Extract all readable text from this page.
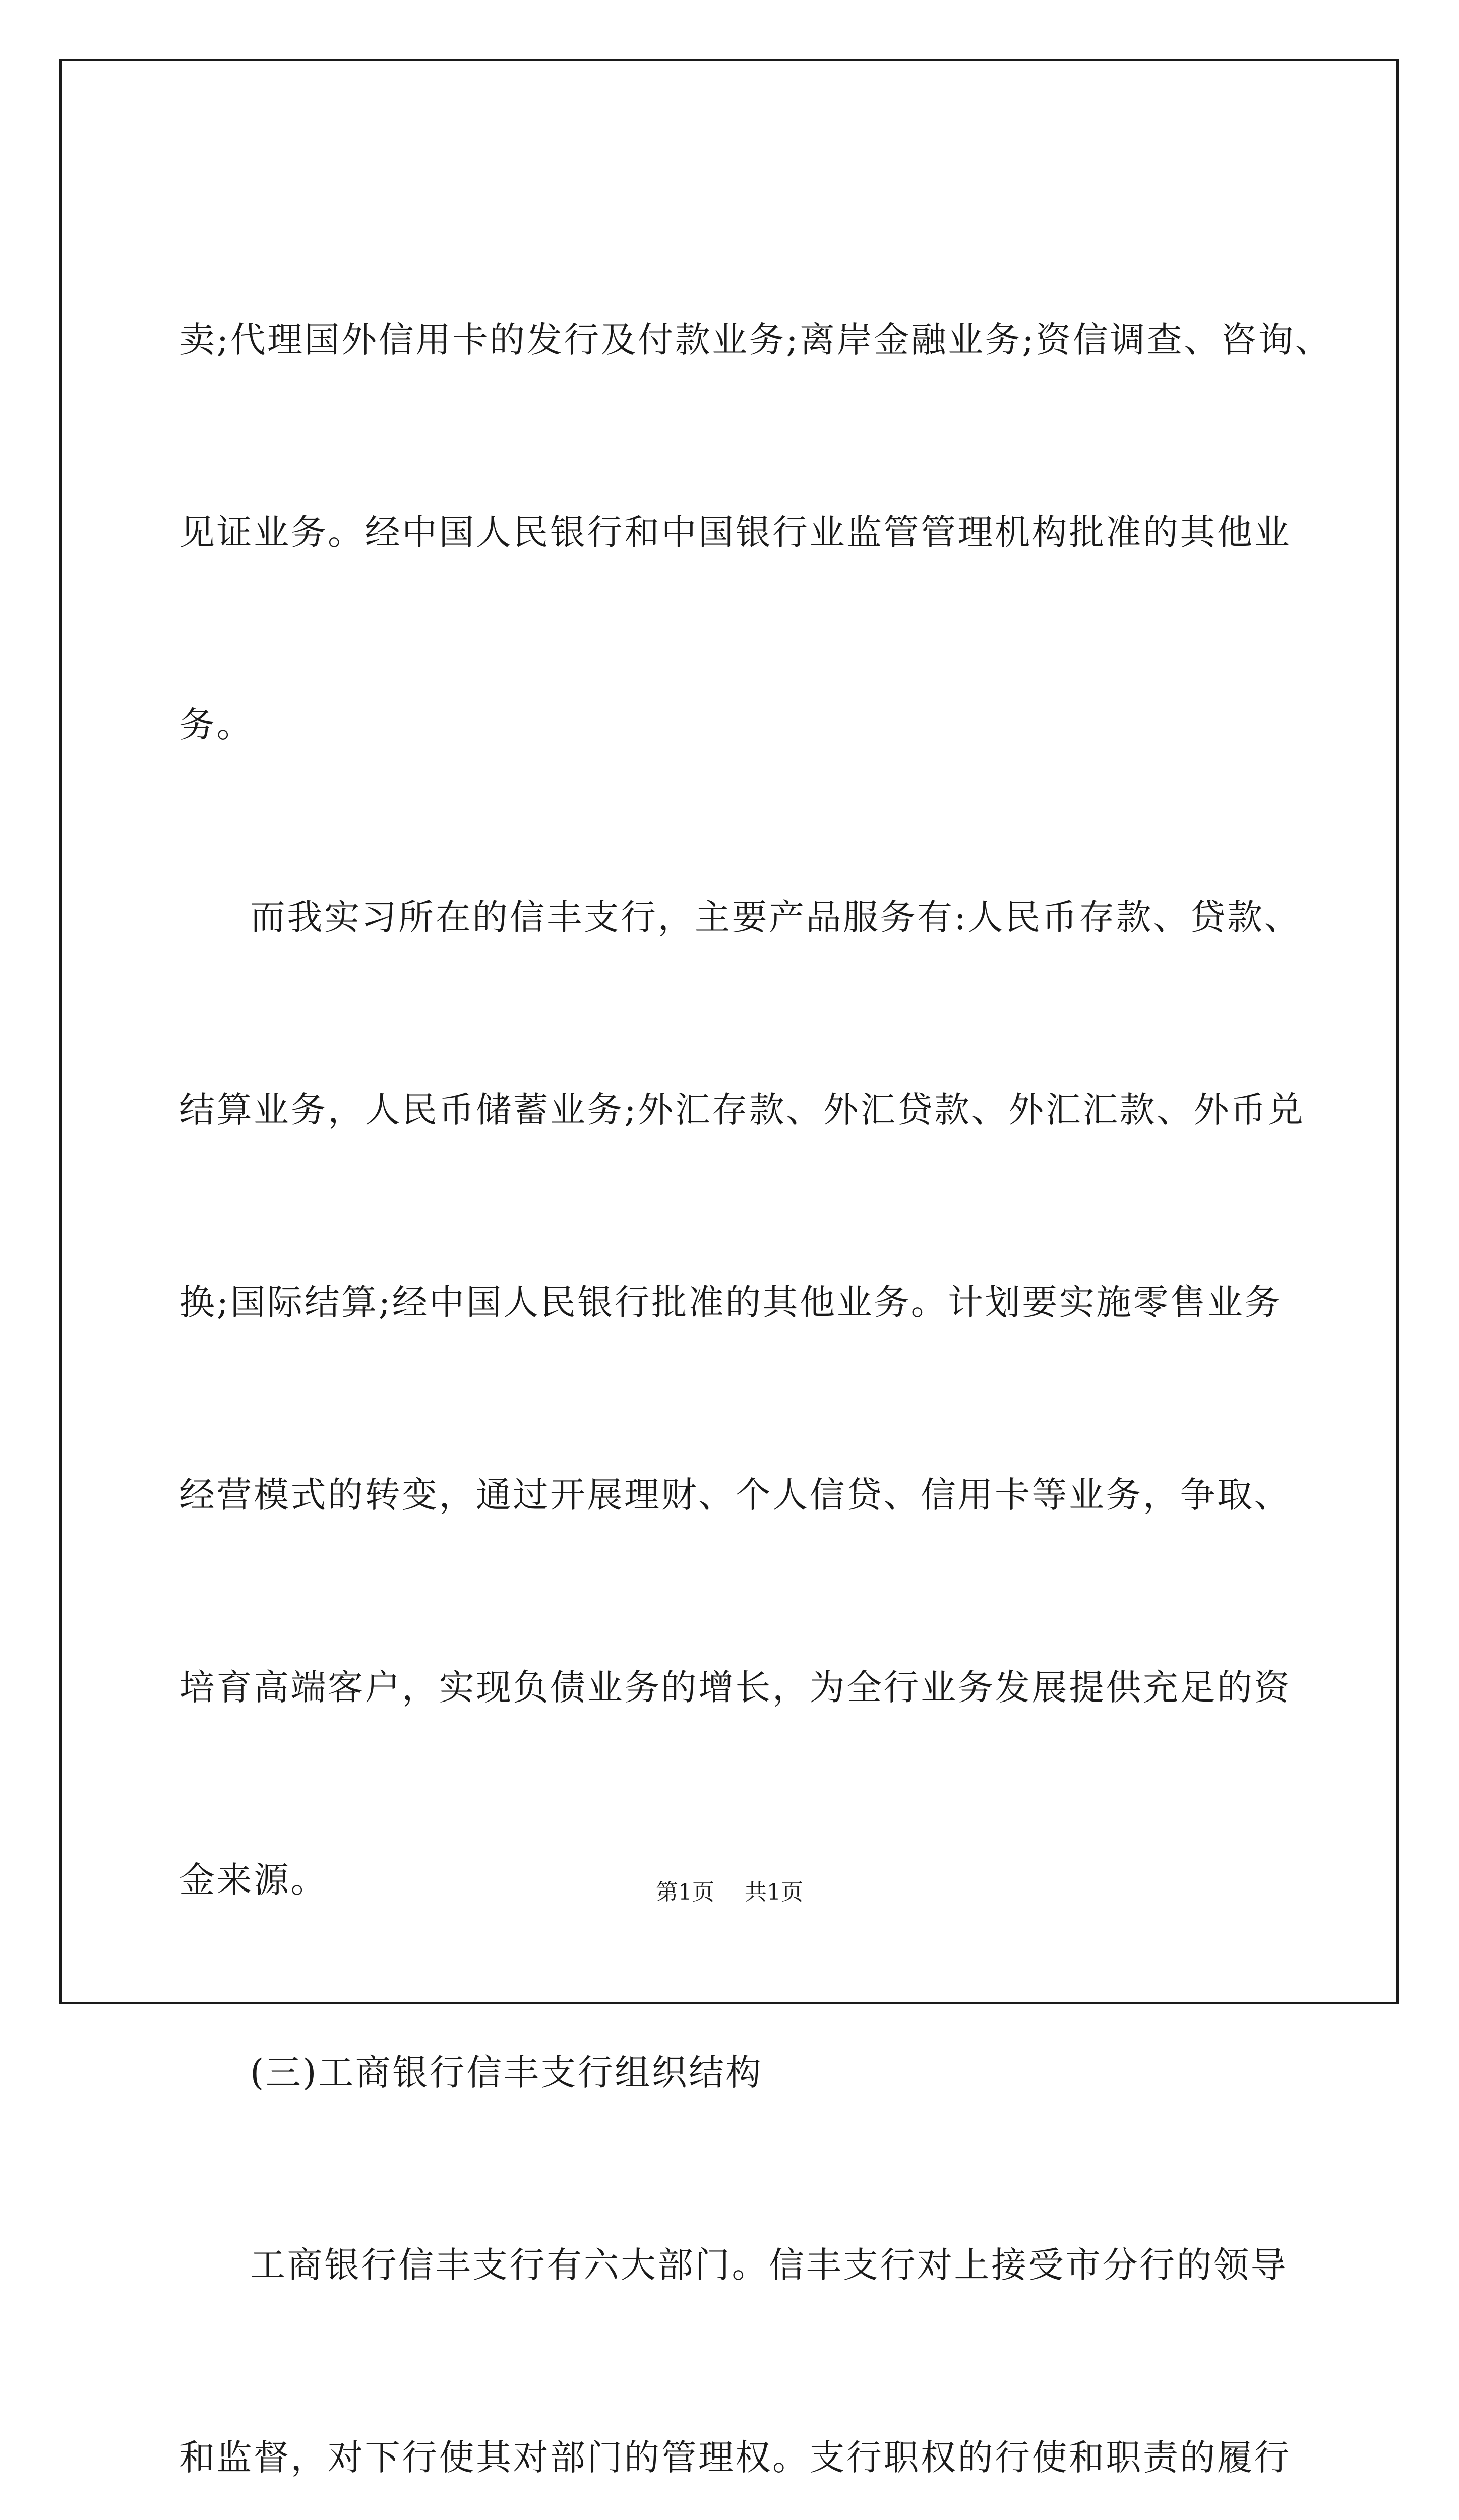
卖;代理国外信用卡的发行及付款业务;离岸金融业务;资信调查、咨询、

见证业务。经中国人民银行和中国银行业监管管理机构批准的其他业

务。

而我实习所在的信丰支行，主要产品服务有:人民币存款、贷款、

结算业务，人民币储蓄业务;外汇存款、外汇贷款、外汇汇款、外币兑

换;国际结算;经中国人民银行批准的其他业务。计划要实施零售业务

经营模式的转变，通过开展理财、个人信贷、信用卡等业务，争取、

培育高端客户，实现负债业务的增长，为全行业务发展提供充足的资

金来源。

(三)工商银行信丰支行组织结构

工商银行信丰支行有六大部门。信丰支行对上接受市分行的领导

和监督，对下行使其对部门的管理权。支行职权的行使和职责的履行

第1页 共1页
